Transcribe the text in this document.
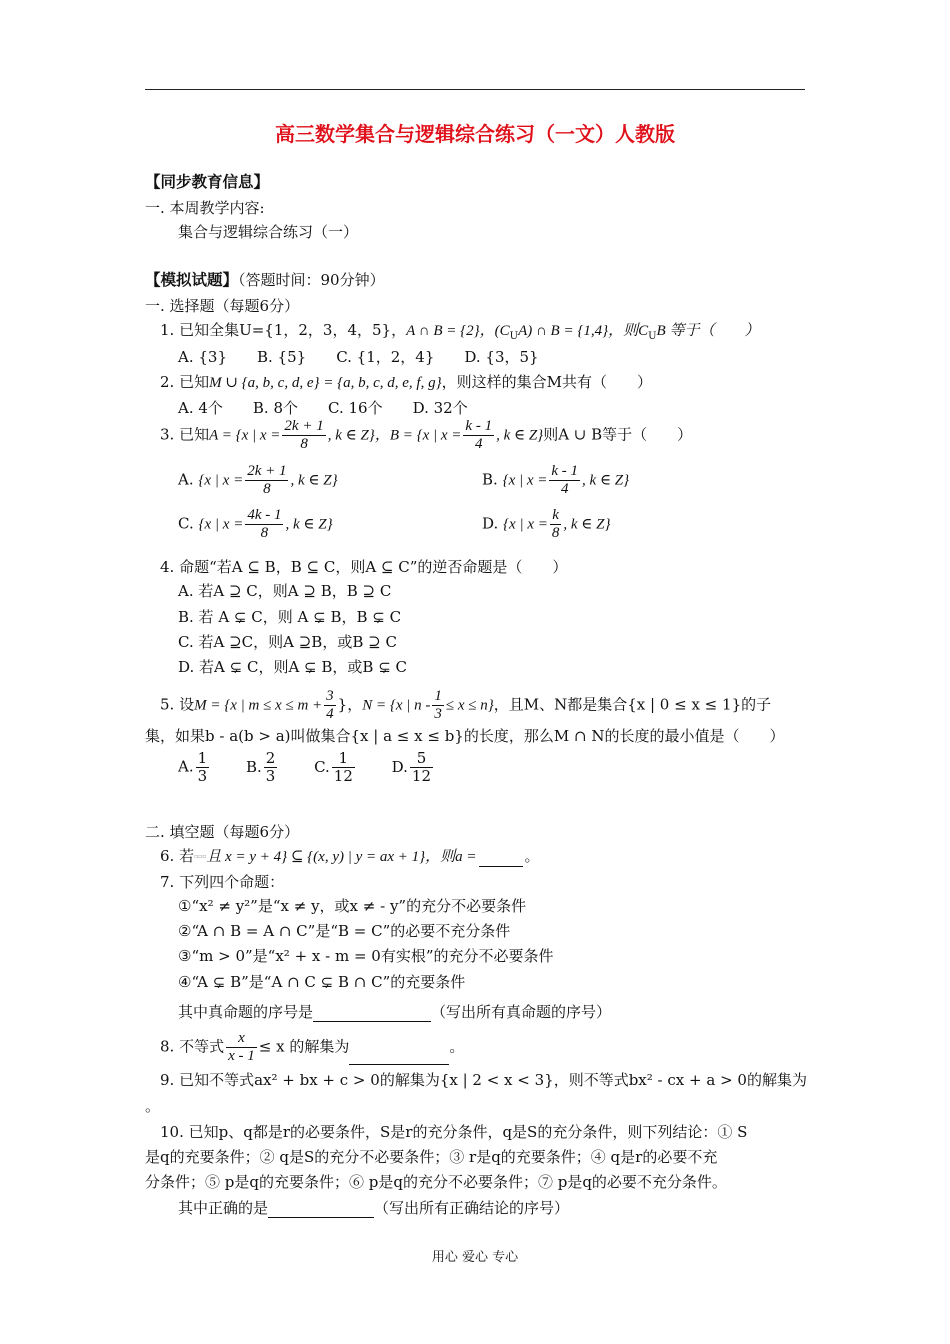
高三数学集合与逻辑综合练习（一文）人教版
【同步教育信息】
一. 本周教学内容:
集合与逻辑综合练习（一）
【模拟试题】（答题时间：90分钟）
一. 选择题（每题6分）
1. 已知全集U={1，2，3，4，5}，A ∩ B = {2}，$(C_UA)$ ∩ B = {1,4}，则$C_UB$ 等于（　　）
A. {3}　　B. {5}　　C. {1，2，4}　　D. {3，5}
2. 已知M ∪ {a, b, c, d, e} = {a, b, c, d, e, f, g}，则这样的集合M共有（　　）
A. 4个　　B. 8个　　C. 16个　　D. 32个
3. 已知A = {x | $x = \frac{2k + 1}{8}$ , k ∈ Z}，B = {x | $x = \frac{k - 1}{4}$ , k ∈ Z}则A ∪ B等于（　　）
A. {x | $x = \frac{2k + 1}{8}$ , k ∈ Z}	B. {x | $x = \frac{k - 1}{4}$ , k ∈ Z}
C. {x | $x = \frac{4k - 1}{8}$ , k ∈ Z}	D. {x | $x = \frac{k}{8}$ , k ∈ Z}
4. 命题“若A ⊆ B，B ⊆ C，则A ⊆ C”的逆否命题是（　　）
A. 若A ⊇ C，则A ⊇ B，B ⊇ C
B. 若 A ⊊ C，则 A ⊊ B，B ⊊ C
C. 若A ⊇C，则A ⊇B，或B ⊇ C
D. 若A ⊊ C，则A ⊊ B，或B ⊊ C
5. 设M = {x | $m \le x \le m + \frac{3}{4}$ }，N = {x | $n - \frac{1}{3} \le x \le n$}，且M、N都是集合{x | 0 ≤ x ≤ 1}的子
集，如果b - a(b > a)叫做集合{x | a ≤ x ≤ b}的长度，那么M ∩ N的长度的最小值是（　　）
A. $\frac{1}{3} B$. $\frac{2}{3} C$. $\frac{1}{12} D$. $\frac{5}{12}$
二. 填空题（每题6分）
6. 若▫▫▫且 x = y + 4} ⊆ {(x, y) | y = ax + 1}，则a =	。
7. 下列四个命题：
①“x² ≠ y²”是“x ≠ y，或x ≠ - y”的充分不必要条件
②“A ∩ B = A ∩ C”是“B = C”的必要不充分条件
③“m > 0”是“x² + x - m = 0有实根”的充分不必要条件
④“A ⊊ B”是“A ∩ C ⊊ B ∩ C”的充要条件
其中真命题的序号是	（写出所有真命题的序号）
8. 不等式 $\frac{x}{x - 1} \le x$ 的解集为	。
9. 已知不等式ax² + bx + c > 0的解集为{x | 2 < x < 3}，则不等式bx² - cx + a > 0的解集为
。
10. 已知p、q都是r的必要条件，S是r的充分条件，q是S的充分条件，则下列结论：① S
是q的充要条件；② q是S的充分不必要条件；③ r是q的充要条件；④ q是r的必要不充
分条件；⑤ p是q的充要条件；⑥ p是q的充分不必要条件；⑦ p是q的必要不充分条件。
其中正确的是	（写出所有正确结论的序号）
用心 爱心 专心
